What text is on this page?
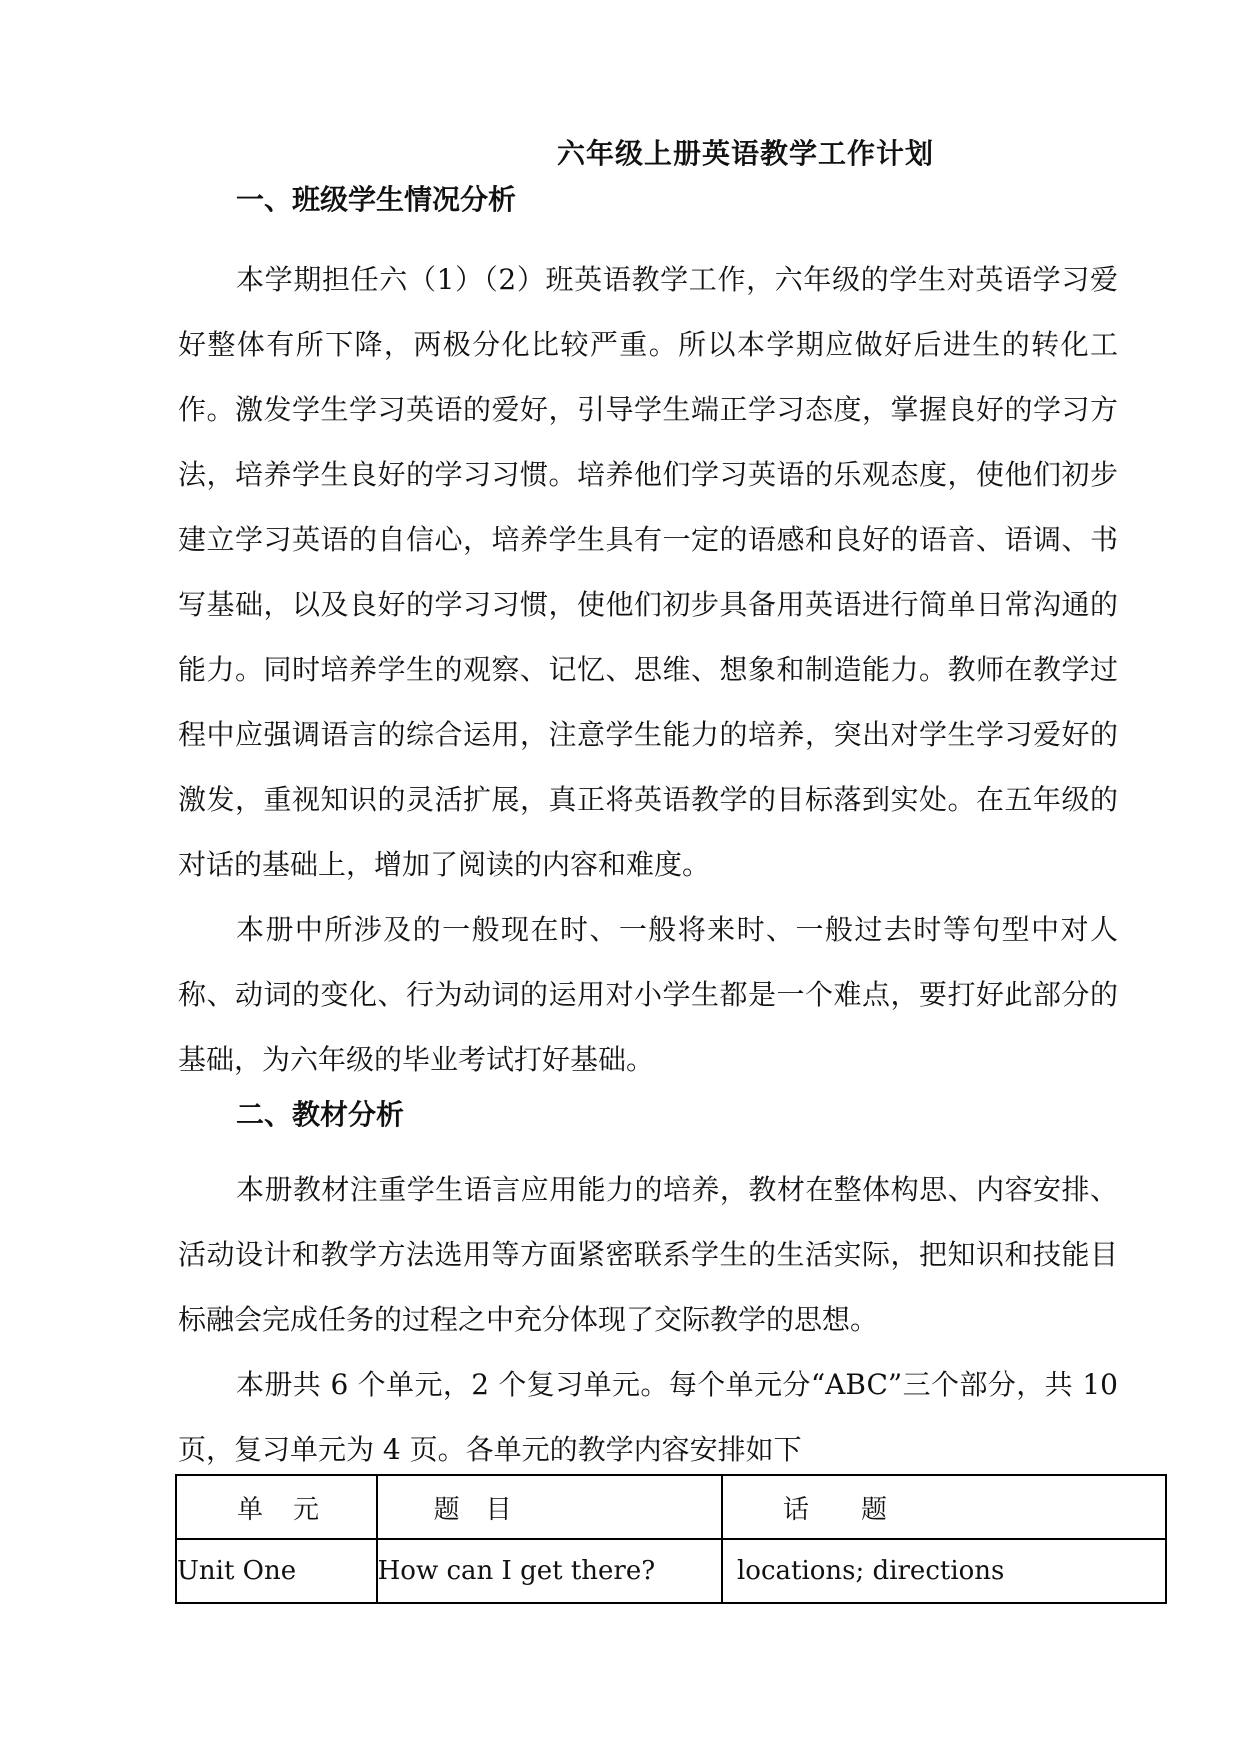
六年级上册英语教学工作计划
一、班级学生情况分析

本学期担任六（1）（2）班英语教学工作，六年级的学生对英语学习爱好整体有所下降，两极分化比较严重。所以本学期应做好后进生的转化工作。激发学生学习英语的爱好，引导学生端正学习态度，掌握良好的学习方法，培养学生良好的学习习惯。培养他们学习英语的乐观态度，使他们初步建立学习英语的自信心，培养学生具有一定的语感和良好的语音、语调、书写基础，以及良好的学习习惯，使他们初步具备用英语进行简单日常沟通的能力。同时培养学生的观察、记忆、思维、想象和制造能力。教师在教学过程中应强调语言的综合运用，注意学生能力的培养，突出对学生学习爱好的激发，重视知识的灵活扩展，真正将英语教学的目标落到实处。在五年级的对话的基础上，增加了阅读的内容和难度。

本册中所涉及的一般现在时、一般将来时、一般过去时等句型中对人称、动词的变化、行为动词的运用对小学生都是一个难点，要打好此部分的基础，为六年级的毕业考试打好基础。

二、教材分析

本册教材注重学生语言应用能力的培养，教材在整体构思、内容安排、活动设计和教学方法选用等方面紧密联系学生的生活实际，把知识和技能目标融会完成任务的过程之中充分体现了交际教学的思想。

本册共 6 个单元，2 个复习单元。每个单元分“ABC”三个部分，共 10 页，复习单元为 4 页。各单元的教学内容安排如下

单　元	题　目	话　　题
Unit One	How can I get there?	locations; directions
